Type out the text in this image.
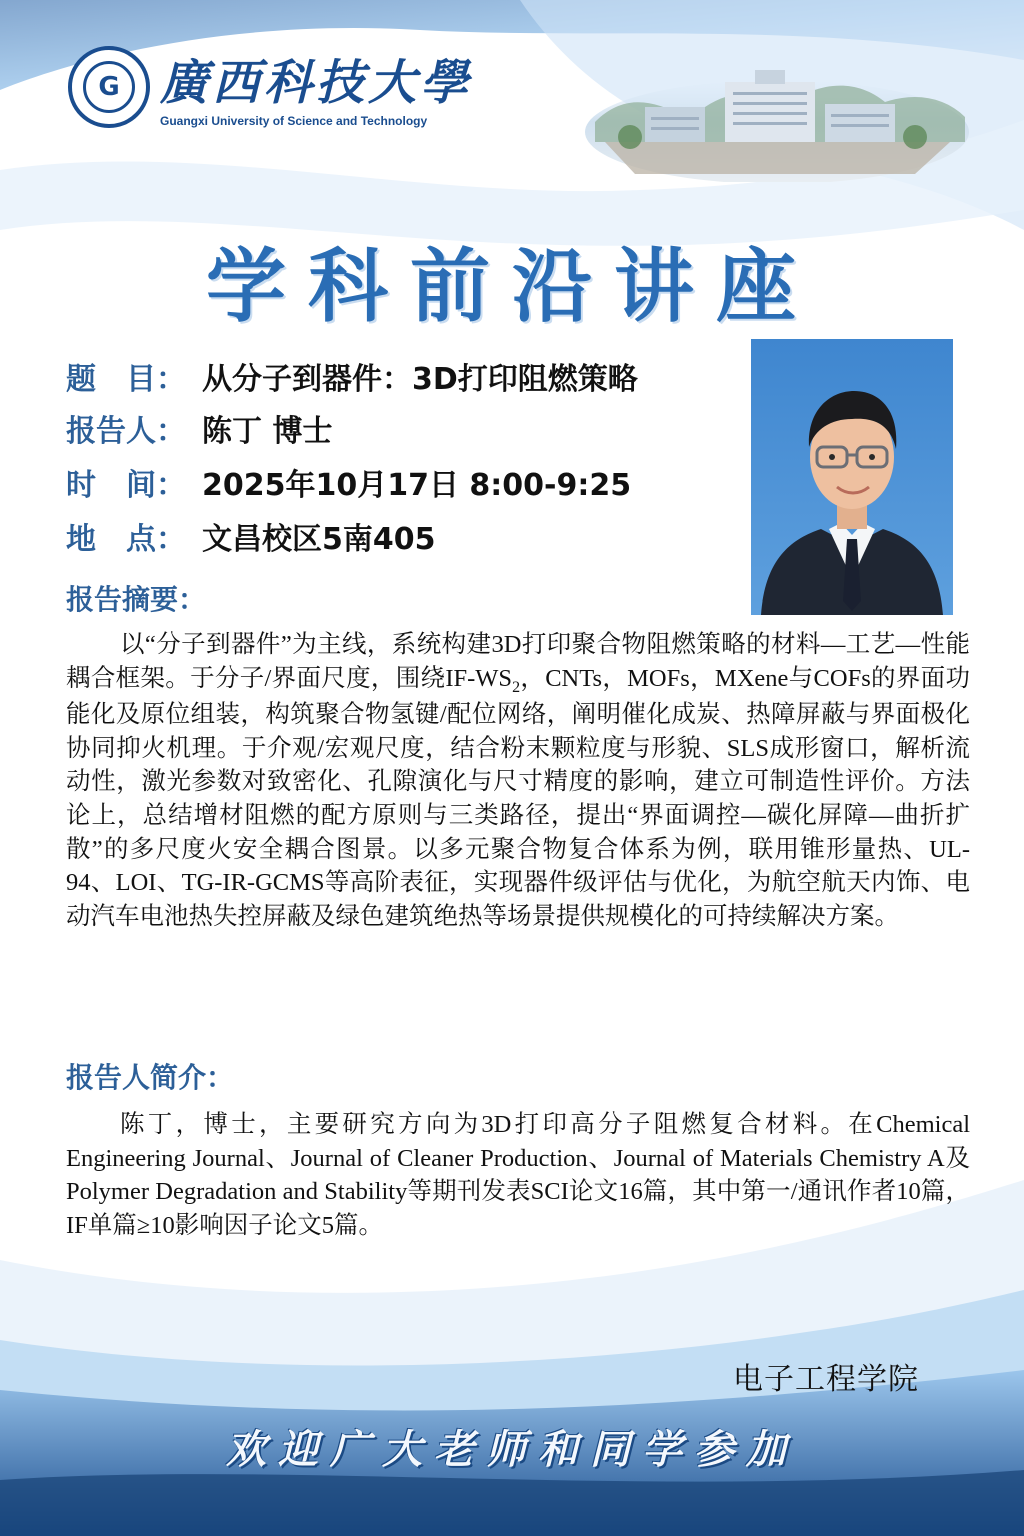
G 廣西科技大學
Guangxi University of Science and Technology
学科前沿讲座
题　目： 从分子到器件：3D打印阻燃策略
报告人： 陈丁 博士
时　间： 2025年10月17日 8:00-9:25
地　点： 文昌校区5南405
报告摘要：

以“分子到器件”为主线，系统构建3D打印聚合物阻燃策略的材料—工艺—性能耦合框架。于分子/界面尺度，围绕$IF-WS_2$，CNTs，MOFs，MXene与COFs的界面功能化及原位组装，构筑聚合物氢键/配位网络，阐明催化成炭、热障屏蔽与界面极化协同抑火机理。于介观/宏观尺度，结合粉末颗粒度与形貌、SLS成形窗口，解析流动性，激光参数对致密化、孔隙演化与尺寸精度的影响，建立可制造性评价。方法论上，总结增材阻燃的配方原则与三类路径，提出“界面调控—碳化屏障—曲折扩散”的多尺度火安全耦合图景。以多元聚合物复合体系为例，联用锥形量热、UL-94、LOI、TG-IR-GCMS等高阶表征，实现器件级评估与优化，为航空航天内饰、电动汽车电池热失控屏蔽及绿色建筑绝热等场景提供规模化的可持续解决方案。

报告人简介：

陈丁，博士，主要研究方向为3D打印高分子阻燃复合材料。在Chemical Engineering Journal、Journal of Cleaner Production、Journal of Materials Chemistry A及Polymer Degradation and Stability等期刊发表SCI论文16篇，其中第一/通讯作者10篇，IF单篇≥10影响因子论文5篇。

电子工程学院
欢迎广大老师和同学参加
